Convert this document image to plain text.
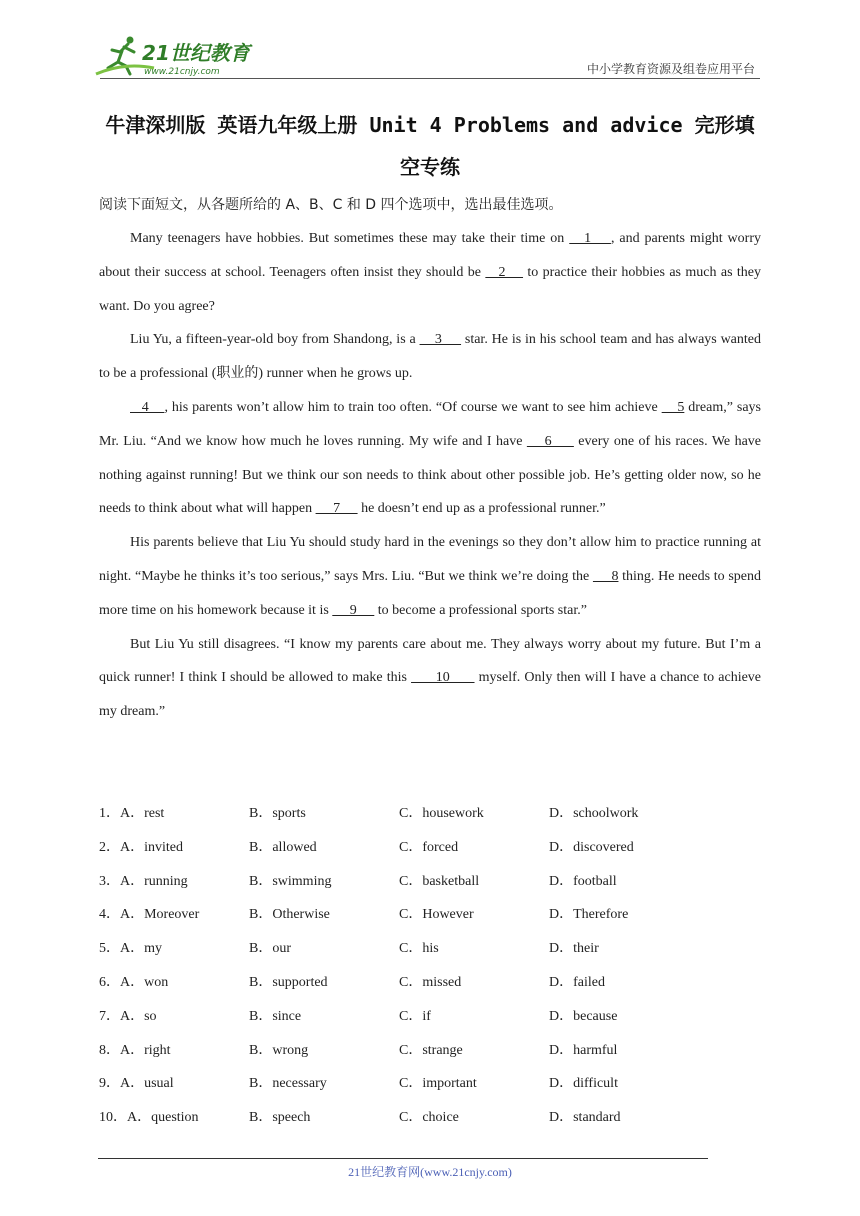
21世纪教育
www.21cnjy.com	中小学教育资源及组卷应用平台
牛津深圳版 英语九年级上册 Unit 4 Problems and advice 完形填空专练
阅读下面短文，从各题所给的 A、B、C 和 D 四个选项中，选出最佳选项。

Many teenagers have hobbies. But sometimes these may take their time on    1    , and parents might worry about their success at school. Teenagers often insist they should be    2     to practice their hobbies as much as they want. Do you agree?

Liu Yu, a fifteen-year-old boy from Shandong, is a     3      star. He is in his school team and has always wanted to be a professional (职业的) runner when he grows up.

4    , his parents won’t allow him to train too often. “Of course we want to see him achieve     5 dream,” says Mr. Liu. “And we know how much he loves running. My wife and I have     6      every one of his races. We have nothing against running! But we think our son needs to think about other possible job. He’s getting older now, so he needs to think about what will happen      7      he doesn’t end up as a professional runner.”

His parents believe that Liu Yu should study hard in the evenings so they don’t allow him to practice running at night. “Maybe he thinks it’s too serious,” says Mrs. Liu. “But we think we’re doing the      8 thing. He needs to spend more time on his homework because it is      9      to become a professional sports star.”

But Liu Yu still disagrees. “I know my parents care about me. They always worry about my future. But I’m a quick runner! I think I should be allowed to make this       10       myself. Only then will I have a chance to achieve my dream.”

1．A．rest	B．sports	C．housework	D．schoolwork
2．A．invited	B．allowed	C．forced	D．discovered
3．A．running	B．swimming	C．basketball	D．football
4．A．Moreover	B．Otherwise	C．However	D．Therefore
5．A．my	B．our	C．his	D．their
6．A．won	B．supported	C．missed	D．failed
7．A．so	B．since	C．if	D．because
8．A．right	B．wrong	C．strange	D．harmful
9．A．usual	B．necessary	C．important	D．difficult
10．A．question	B．speech	C．choice	D．standard
21世纪教育网(www.21cnjy.com)
